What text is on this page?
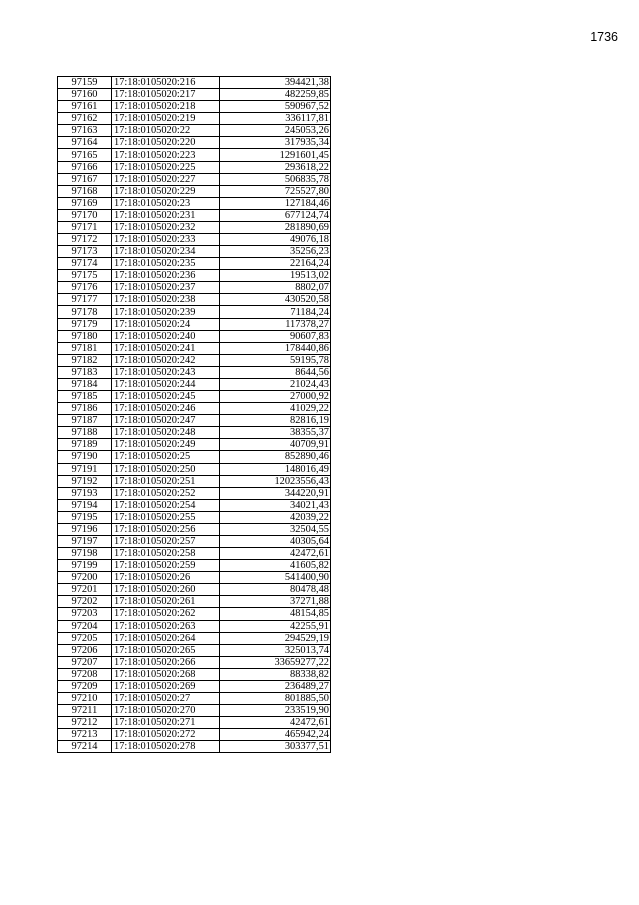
1736
97159	17:18:0105020:216	394421,38
97160	17:18:0105020:217	482259,85
97161	17:18:0105020:218	590967,52
97162	17:18:0105020:219	336117,81
97163	17:18:0105020:22	245053,26
97164	17:18:0105020:220	317935,34
97165	17:18:0105020:223	1291601,45
97166	17:18:0105020:225	293618,22
97167	17:18:0105020:227	506835,78
97168	17:18:0105020:229	725527,80
97169	17:18:0105020:23	127184,46
97170	17:18:0105020:231	677124,74
97171	17:18:0105020:232	281890,69
97172	17:18:0105020:233	49076,18
97173	17:18:0105020:234	35256,23
97174	17:18:0105020:235	22164,24
97175	17:18:0105020:236	19513,02
97176	17:18:0105020:237	8802,07
97177	17:18:0105020:238	430520,58
97178	17:18:0105020:239	71184,24
97179	17:18:0105020:24	117378,27
97180	17:18:0105020:240	90607,83
97181	17:18:0105020:241	178440,86
97182	17:18:0105020:242	59195,78
97183	17:18:0105020:243	8644,56
97184	17:18:0105020:244	21024,43
97185	17:18:0105020:245	27000,92
97186	17:18:0105020:246	41029,22
97187	17:18:0105020:247	82816,19
97188	17:18:0105020:248	38355,37
97189	17:18:0105020:249	40709,91
97190	17:18:0105020:25	852890,46
97191	17:18:0105020:250	148016,49
97192	17:18:0105020:251	12023556,43
97193	17:18:0105020:252	344220,91
97194	17:18:0105020:254	34021,43
97195	17:18:0105020:255	42039,22
97196	17:18:0105020:256	32504,55
97197	17:18:0105020:257	40305,64
97198	17:18:0105020:258	42472,61
97199	17:18:0105020:259	41605,82
97200	17:18:0105020:26	541400,90
97201	17:18:0105020:260	80478,48
97202	17:18:0105020:261	37271,88
97203	17:18:0105020:262	48154,85
97204	17:18:0105020:263	42255,91
97205	17:18:0105020:264	294529,19
97206	17:18:0105020:265	325013,74
97207	17:18:0105020:266	33659277,22
97208	17:18:0105020:268	88338,82
97209	17:18:0105020:269	236489,27
97210	17:18:0105020:27	801885,50
97211	17:18:0105020:270	233519,90
97212	17:18:0105020:271	42472,61
97213	17:18:0105020:272	465942,24
97214	17:18:0105020:278	303377,51
